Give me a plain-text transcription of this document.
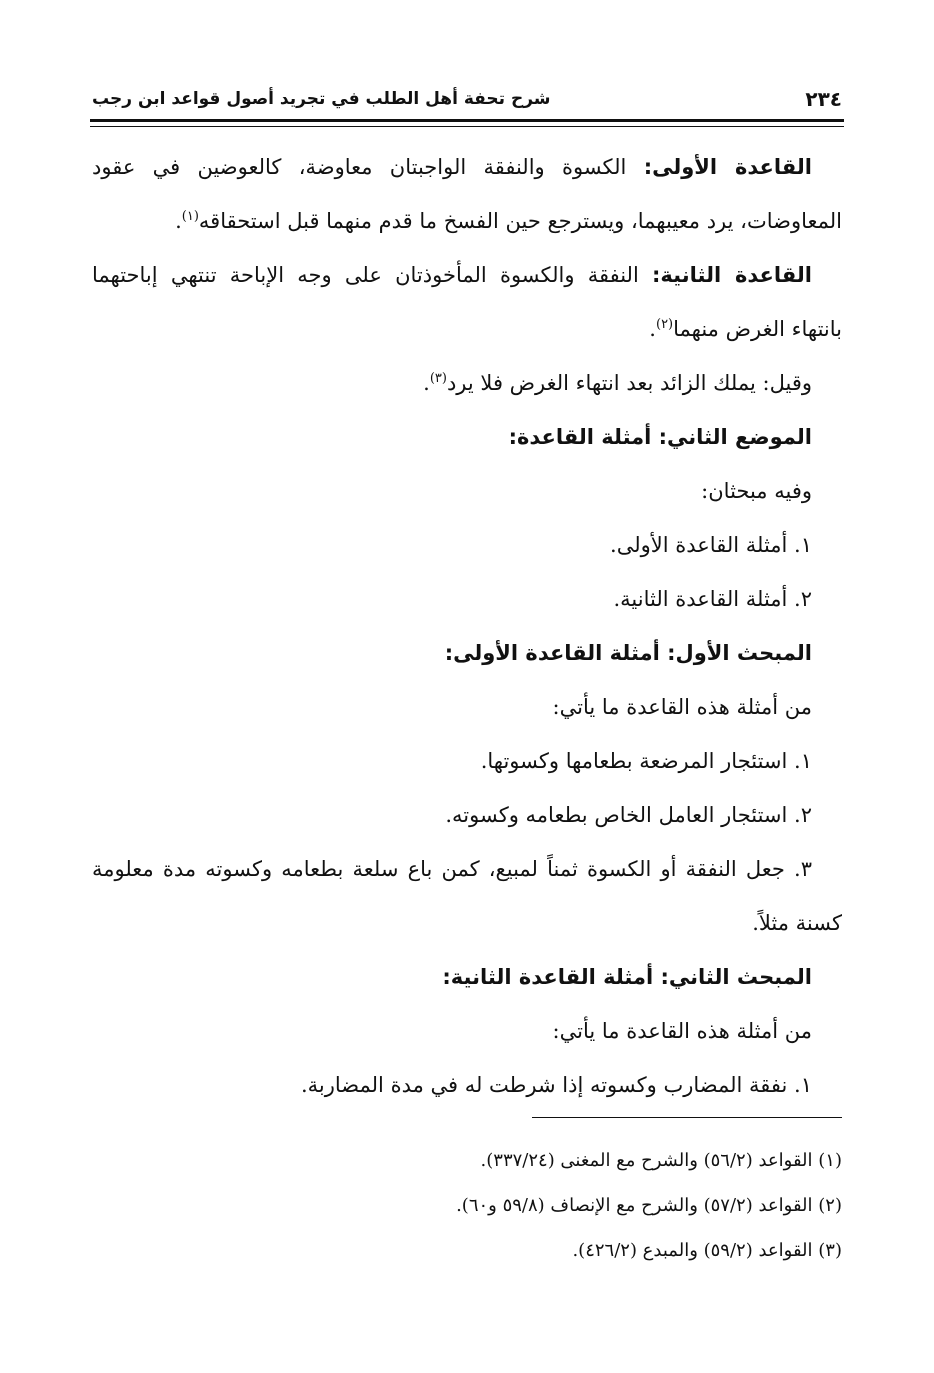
٢٣٤
شرح تحفة أهل الطلب في تجريد أصول قواعد ابن رجب
القاعدة الأولى: الكسوة والنفقة الواجبتان معاوضة، كالعوضين في عقود
المعاوضات، يرد معيبهما، ويسترجع حين الفسخ ما قدم منهما قبل استحقاقه$^{(١)}$.
القاعدة الثانية: النفقة والكسوة المأخوذتان على وجه الإباحة تنتهي إباحتهما
بانتهاء الغرض منهما$^{(٢)}$.
وقيل: يملك الزائد بعد انتهاء الغرض فلا يرد$^{(٣)}$.
الموضع الثاني: أمثلة القاعدة:
وفيه مبحثان:
١. أمثلة القاعدة الأولى.
٢. أمثلة القاعدة الثانية.
المبحث الأول: أمثلة القاعدة الأولى:
من أمثلة هذه القاعدة ما يأتي:
١. استئجار المرضعة بطعامها وكسوتها.
٢. استئجار العامل الخاص بطعامه وكسوته.
٣. جعل النفقة أو الكسوة ثمناً لمبيع، كمن باع سلعة بطعامه وكسوته مدة معلومة
كسنة مثلاً.
المبحث الثاني: أمثلة القاعدة الثانية:
من أمثلة هذه القاعدة ما يأتي:
١. نفقة المضارب وكسوته إذا شرطت له في مدة المضاربة.
(١) القواعد (٥٦/٢) والشرح مع المغنى (٣٣٧/٢٤).
(٢) القواعد (٥٧/٢) والشرح مع الإنصاف (٥٩/٨ و٦٠).
(٣) القواعد (٥٩/٢) والمبدع (٤٢٦/٢).
